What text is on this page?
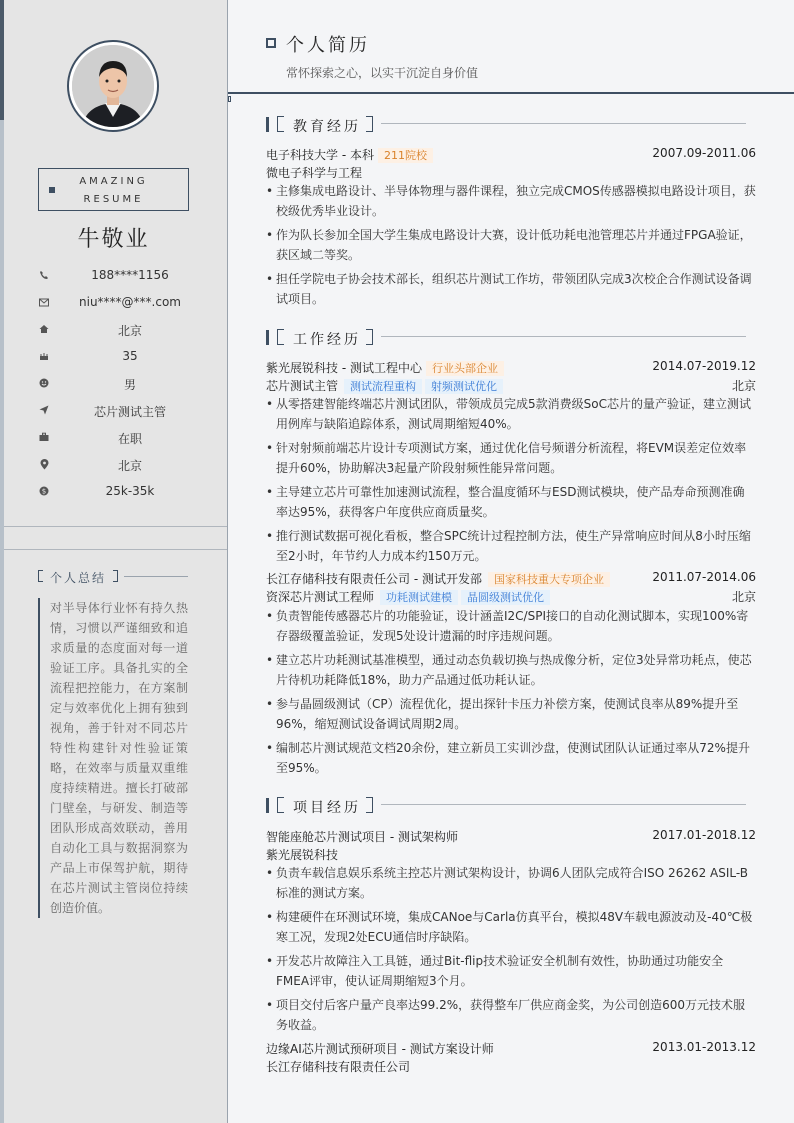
AMAZING
RESUME
牛敬业
188****1156
niu****@***.com
北京
35
男
芯片测试主管
在职
北京
$	25k-35k
个人总结
对半导体行业怀有持久热情，习惯以严谨细致和追求质量的态度面对每一道验证工序。具备扎实的全流程把控能力，在方案制定与效率优化上拥有独到视角，善于针对不同芯片特性构建针对性验证策略，在效率与质量双重维度持续精进。擅长打破部门壁垒，与研发、制造等团队形成高效联动，善用自动化工具与数据洞察为产品上市保驾护航，期待在芯片测试主管岗位持续创造价值。
个人简历
常怀探索之心，以实干沉淀自身价值
教育经历
电子科技大学 - 本科 211院校	2007.09-2011.06
微电子科学与工程
• 主修集成电路设计、半导体物理与器件课程，独立完成CMOS传感器模拟电路设计项目，获校级优秀毕业设计。
• 作为队长参加全国大学生集成电路设计大赛，设计低功耗电池管理芯片并通过FPGA验证，获区域二等奖。
• 担任学院电子协会技术部长，组织芯片测试工作坊，带领团队完成3次校企合作测试设备调试项目。
工作经历
紫光展锐科技 - 测试工程中心 行业头部企业	2014.07-2019.12
芯片测试主管 测试流程重构 射频测试优化	北京
• 从零搭建智能终端芯片测试团队，带领成员完成5款消费级SoC芯片的量产验证，建立测试用例库与缺陷追踪体系，测试周期缩短40%。
• 针对射频前端芯片设计专项测试方案，通过优化信号频谱分析流程，将EVM误差定位效率提升60%，协助解决3起量产阶段射频性能异常问题。
• 主导建立芯片可靠性加速测试流程，整合温度循环与ESD测试模块，使产品寿命预测准确率达95%，获得客户年度供应商质量奖。
• 推行测试数据可视化看板，整合SPC统计过程控制方法，使生产异常响应时间从8小时压缩至2小时，年节约人力成本约150万元。
长江存储科技有限责任公司 - 测试开发部 国家科技重大专项企业	2011.07-2014.06
资深芯片测试工程师 功耗测试建模 晶圆级测试优化	北京
• 负责智能传感器芯片的功能验证，设计涵盖I2C/SPI接口的自动化测试脚本，实现100%寄存器级覆盖验证，发现5处设计遗漏的时序违规问题。
• 建立芯片功耗测试基准模型，通过动态负载切换与热成像分析，定位3处异常功耗点，使芯片待机功耗降低18%，助力产品通过低功耗认证。
• 参与晶圆级测试（CP）流程优化，提出探针卡压力补偿方案，使测试良率从89%提升至96%，缩短测试设备调试周期2周。
• 编制芯片测试规范文档20余份，建立新员工实训沙盘，使测试团队认证通过率从72%提升至95%。
项目经历
智能座舱芯片测试项目 - 测试架构师	2017.01-2018.12
紫光展锐科技
• 负责车载信息娱乐系统主控芯片测试架构设计，协调6人团队完成符合ISO 26262 ASIL-B标准的测试方案。
• 构建硬件在环测试环境，集成CANoe与Carla仿真平台，模拟48V车载电源波动及-40℃极寒工况，发现2处ECU通信时序缺陷。
• 开发芯片故障注入工具链，通过Bit-flip技术验证安全机制有效性，协助通过功能安全FMEA评审，使认证周期缩短3个月。
• 项目交付后客户量产良率达99.2%，获得整车厂供应商金奖，为公司创造600万元技术服务收益。
边缘AI芯片测试预研项目 - 测试方案设计师	2013.01-2013.12
长江存储科技有限责任公司
